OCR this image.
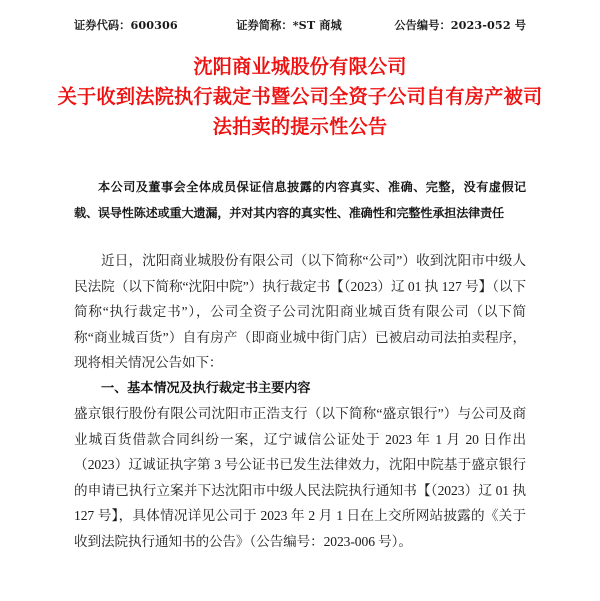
证券代码：600306	证券简称：*ST 商城	公告编号：2023-052 号
沈阳商业城股份有限公司
关于收到法院执行裁定书暨公司全资子公司自有房产被司
法拍卖的提示性公告
本公司及董事会全体成员保证信息披露的内容真实、准确、完整，没有虚假记载、误导性陈述或重大遗漏，并对其内容的真实性、准确性和完整性承担法律责任

近日，沈阳商业城股份有限公司（以下简称“公司”）收到沈阳市中级人民法院（以下简称“沈阳中院”）执行裁定书【（2023）辽 01 执 127 号】（以下简称“执行裁定书”），公司全资子公司沈阳商业城百货有限公司（以下简称“商业城百货”）自有房产（即商业城中街门店）已被启动司法拍卖程序，现将相关情况公告如下：

一、基本情况及执行裁定书主要内容

盛京银行股份有限公司沈阳市正浩支行（以下简称“盛京银行”）与公司及商业城百货借款合同纠纷一案，辽宁诚信公证处于 2023 年 1 月 20 日作出（2023）辽诚证执字第 3 号公证书已发生法律效力，沈阳中院基于盛京银行的申请已执行立案并下达沈阳市中级人民法院执行通知书【（2023）辽 01 执 127 号】，具体情况详见公司于 2023 年 2 月 1 日在上交所网站披露的《关于收到法院执行通知书的公告》（公告编号：2023-006 号）。
